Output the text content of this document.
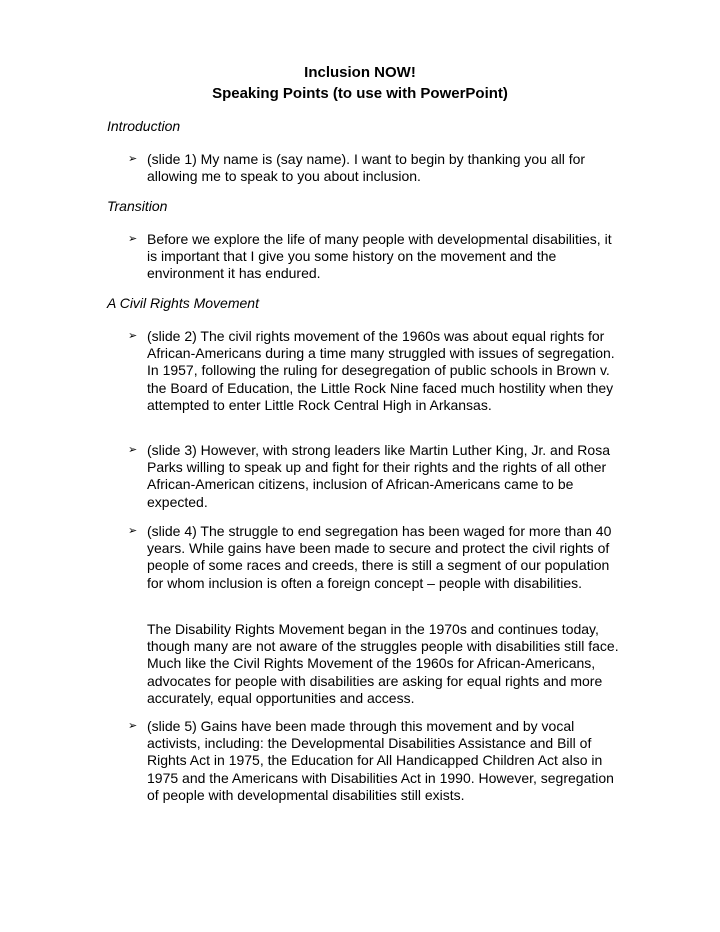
Inclusion NOW!
Speaking Points (to use with PowerPoint)
Introduction
➢ (slide 1) My name is (say name). I want to begin by thanking you all for allowing me to speak to you about inclusion.

Transition
➢ Before we explore the life of many people with developmental disabilities, it is important that I give you some history on the movement and the environment it has endured.

A Civil Rights Movement
➢ (slide 2) The civil rights movement of the 1960s was about equal rights for African-Americans during a time many struggled with issues of segregation. In 1957, following the ruling for desegregation of public schools in Brown v. the Board of Education, the Little Rock Nine faced much hostility when they attempted to enter Little Rock Central High in Arkansas.

➢ (slide 3) However, with strong leaders like Martin Luther King, Jr. and Rosa Parks willing to speak up and fight for their rights and the rights of all other African-American citizens, inclusion of African-Americans came to be expected.

➢ (slide 4) The struggle to end segregation has been waged for more than 40 years. While gains have been made to secure and protect the civil rights of people of some races and creeds, there is still a segment of our population for whom inclusion is often a foreign concept – people with disabilities.

The Disability Rights Movement began in the 1970s and continues today, though many are not aware of the struggles people with disabilities still face. Much like the Civil Rights Movement of the 1960s for African-Americans, advocates for people with disabilities are asking for equal rights and more accurately, equal opportunities and access.

➢ (slide 5) Gains have been made through this movement and by vocal activists, including: the Developmental Disabilities Assistance and Bill of Rights Act in 1975, the Education for All Handicapped Children Act also in 1975 and the Americans with Disabilities Act in 1990. However, segregation of people with developmental disabilities still exists.
